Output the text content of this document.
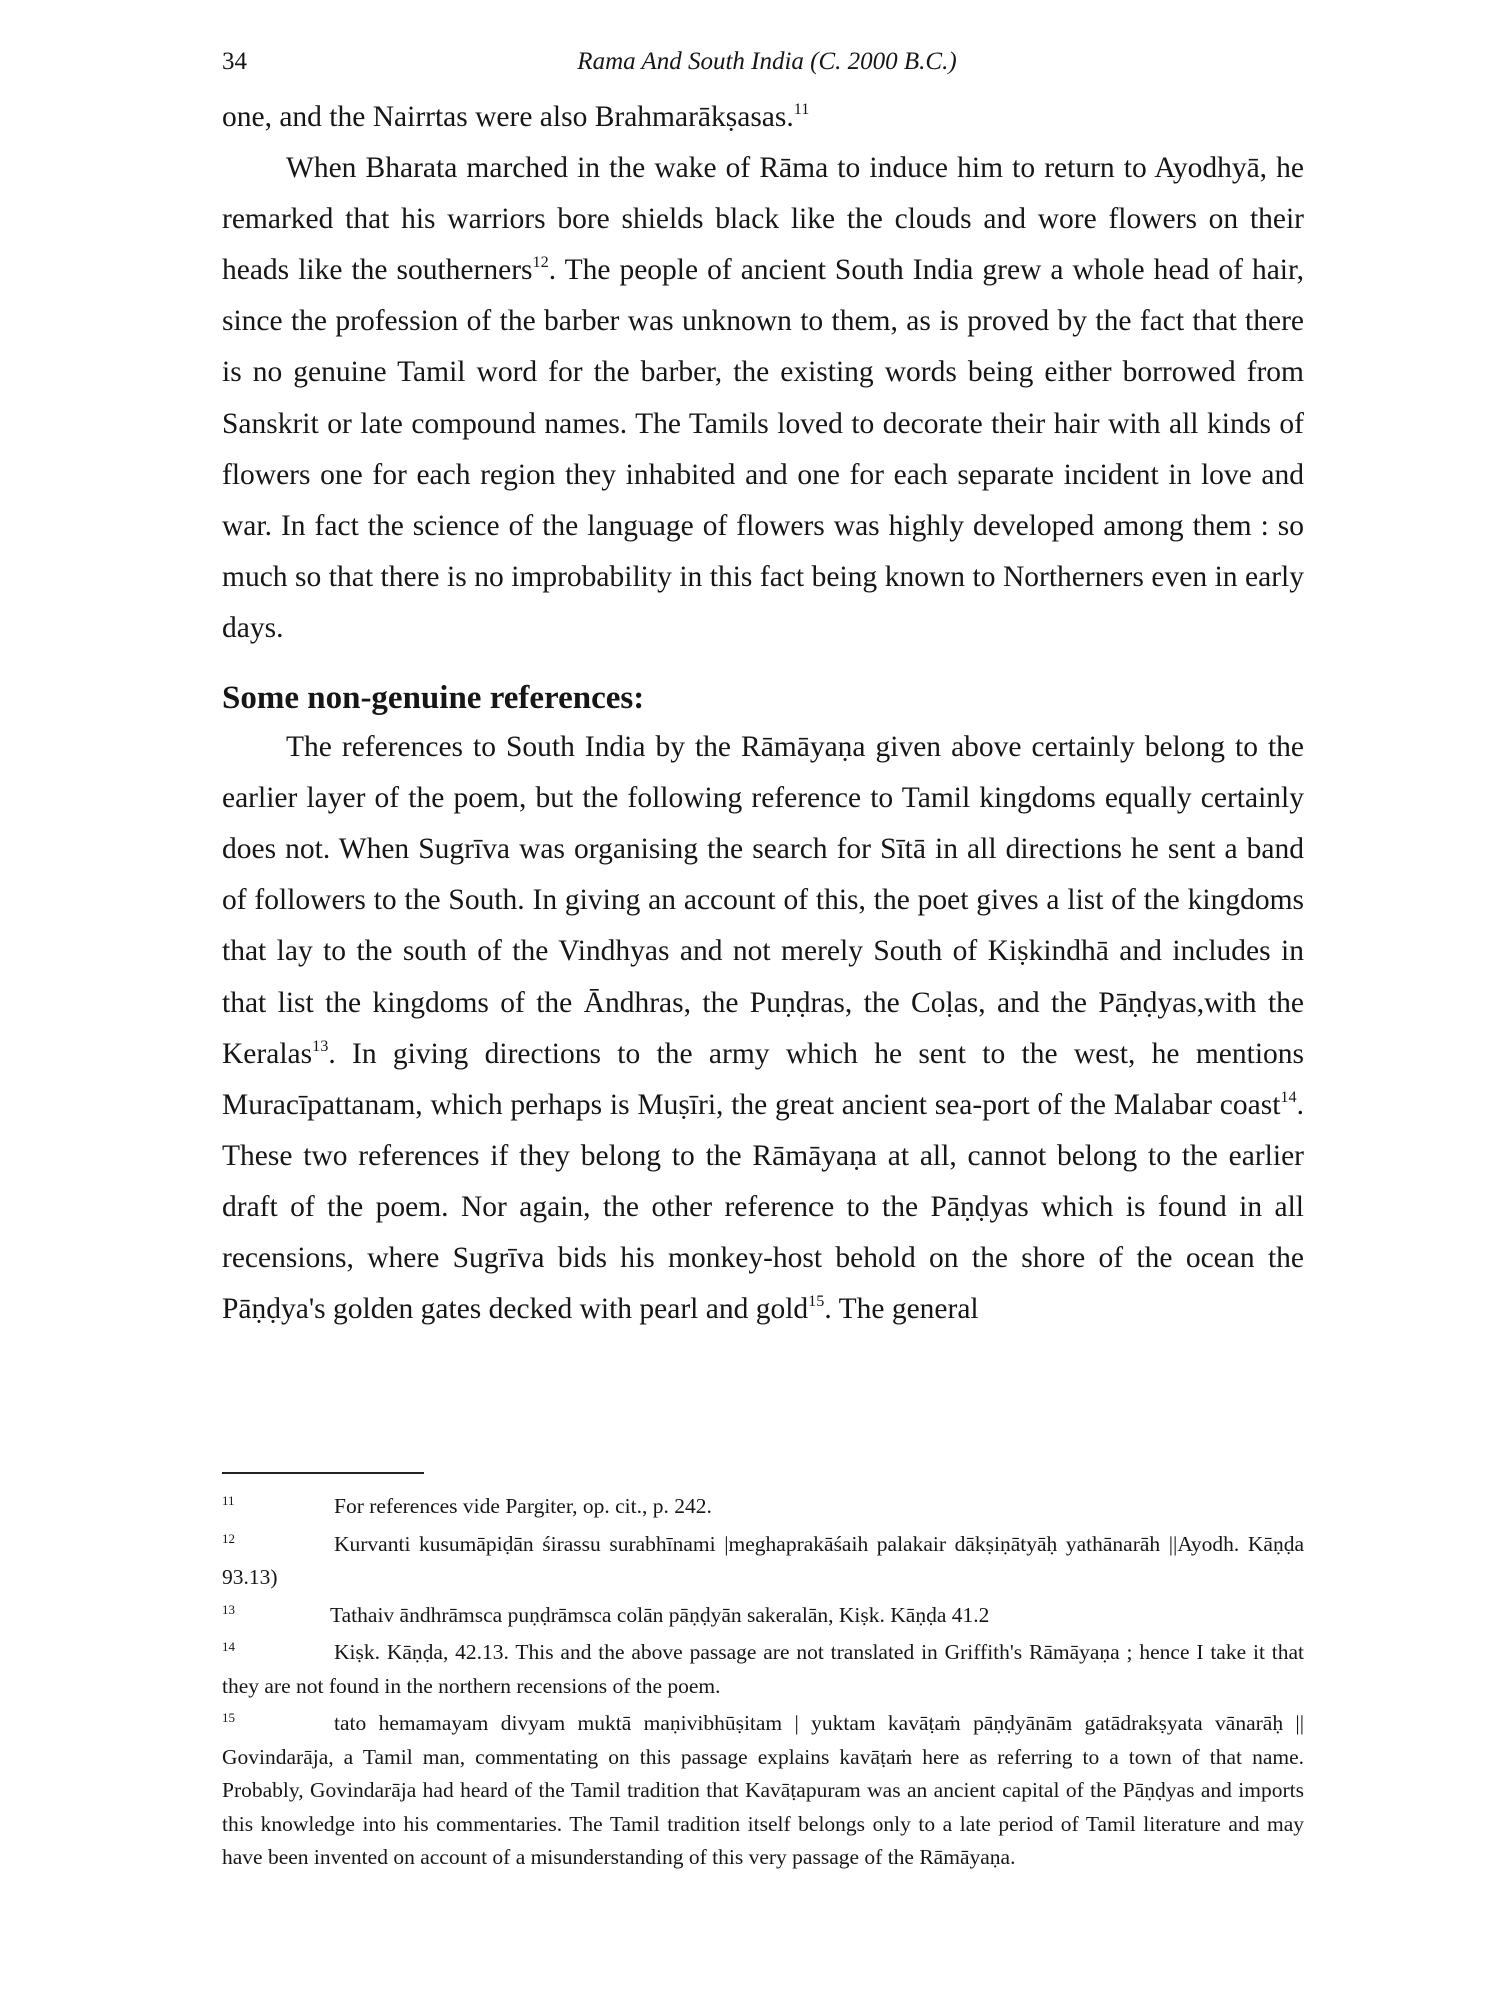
34	Rama And South India (C. 2000 B.C.)

one, and the Nairrtas were also Brahmarākṣasas.$^{11}$

When Bharata marched in the wake of Rāma to induce him to return to Ayodhyā, he remarked that his warriors bore shields black like the clouds and wore flowers on their heads like the southerners$^{12}$. The people of ancient South India grew a whole head of hair, since the profession of the barber was unknown to them, as is proved by the fact that there is no genuine Tamil word for the barber, the existing words being either borrowed from Sanskrit or late compound names. The Tamils loved to decorate their hair with all kinds of flowers one for each region they inhabited and one for each separate incident in love and war. In fact the science of the language of flowers was highly developed among them : so much so that there is no improbability in this fact being known to Northerners even in early days.

Some non-genuine references:

The references to South India by the Rāmāyaṇa given above certainly belong to the earlier layer of the poem, but the following reference to Tamil kingdoms equally certainly does not. When Sugrīva was organising the search for Sītā in all directions he sent a band of followers to the South. In giving an account of this, the poet gives a list of the kingdoms that lay to the south of the Vindhyas and not merely South of Kiṣkindhā and includes in that list the kingdoms of the Āndhras, the Puṇḍras, the Coḷas, and the Pāṇḍyas,with the Keralas$^{13}$. In giving directions to the army which he sent to the west, he mentions Muracīpattanam, which perhaps is Muṣīri, the great ancient sea-port of the Malabar coast$^{14}$. These two references if they belong to the Rāmāyaṇa at all, cannot belong to the earlier draft of the poem. Nor again, the other reference to the Pāṇḍyas which is found in all recensions, where Sugrīva bids his monkey-host behold on the shore of the ocean the Pāṇḍya's golden gates decked with pearl and gold$^{15}$. The general

11	For references vide Pargiter, op. cit., p. 242.
12	Kurvanti kusumāpiḍān śirassu surabhīnami |meghaprakāśaih palakair dākṣiṇātyāḥ yathānarāh ||Ayodh. Kāṇḍa 93.13)
13	Tathaiv āndhrāmsca puṇḍrāmsca colān pāṇḍyān sakeralān, Kiṣk. Kāṇḍa 41.2
14	Kiṣk. Kāṇḍa, 42.13. This and the above passage are not translated in Griffith's Rāmāyaṇa ; hence I take it that they are not found in the northern recensions of the poem.
15	tato hemamayam divyam muktā maṇivibhūṣitam | yuktam kavāṭaṁ pāṇḍyānām gatādrakṣyata vānarāḥ || Govindarāja, a Tamil man, commentating on this passage explains kavāṭaṁ here as referring to a town of that name. Probably, Govindarāja had heard of the Tamil tradition that Kavāṭapuram was an ancient capital of the Pāṇḍyas and imports this knowledge into his commentaries. The Tamil tradition itself belongs only to a late period of Tamil literature and may have been invented on account of a misunderstanding of this very passage of the Rāmāyaṇa.
